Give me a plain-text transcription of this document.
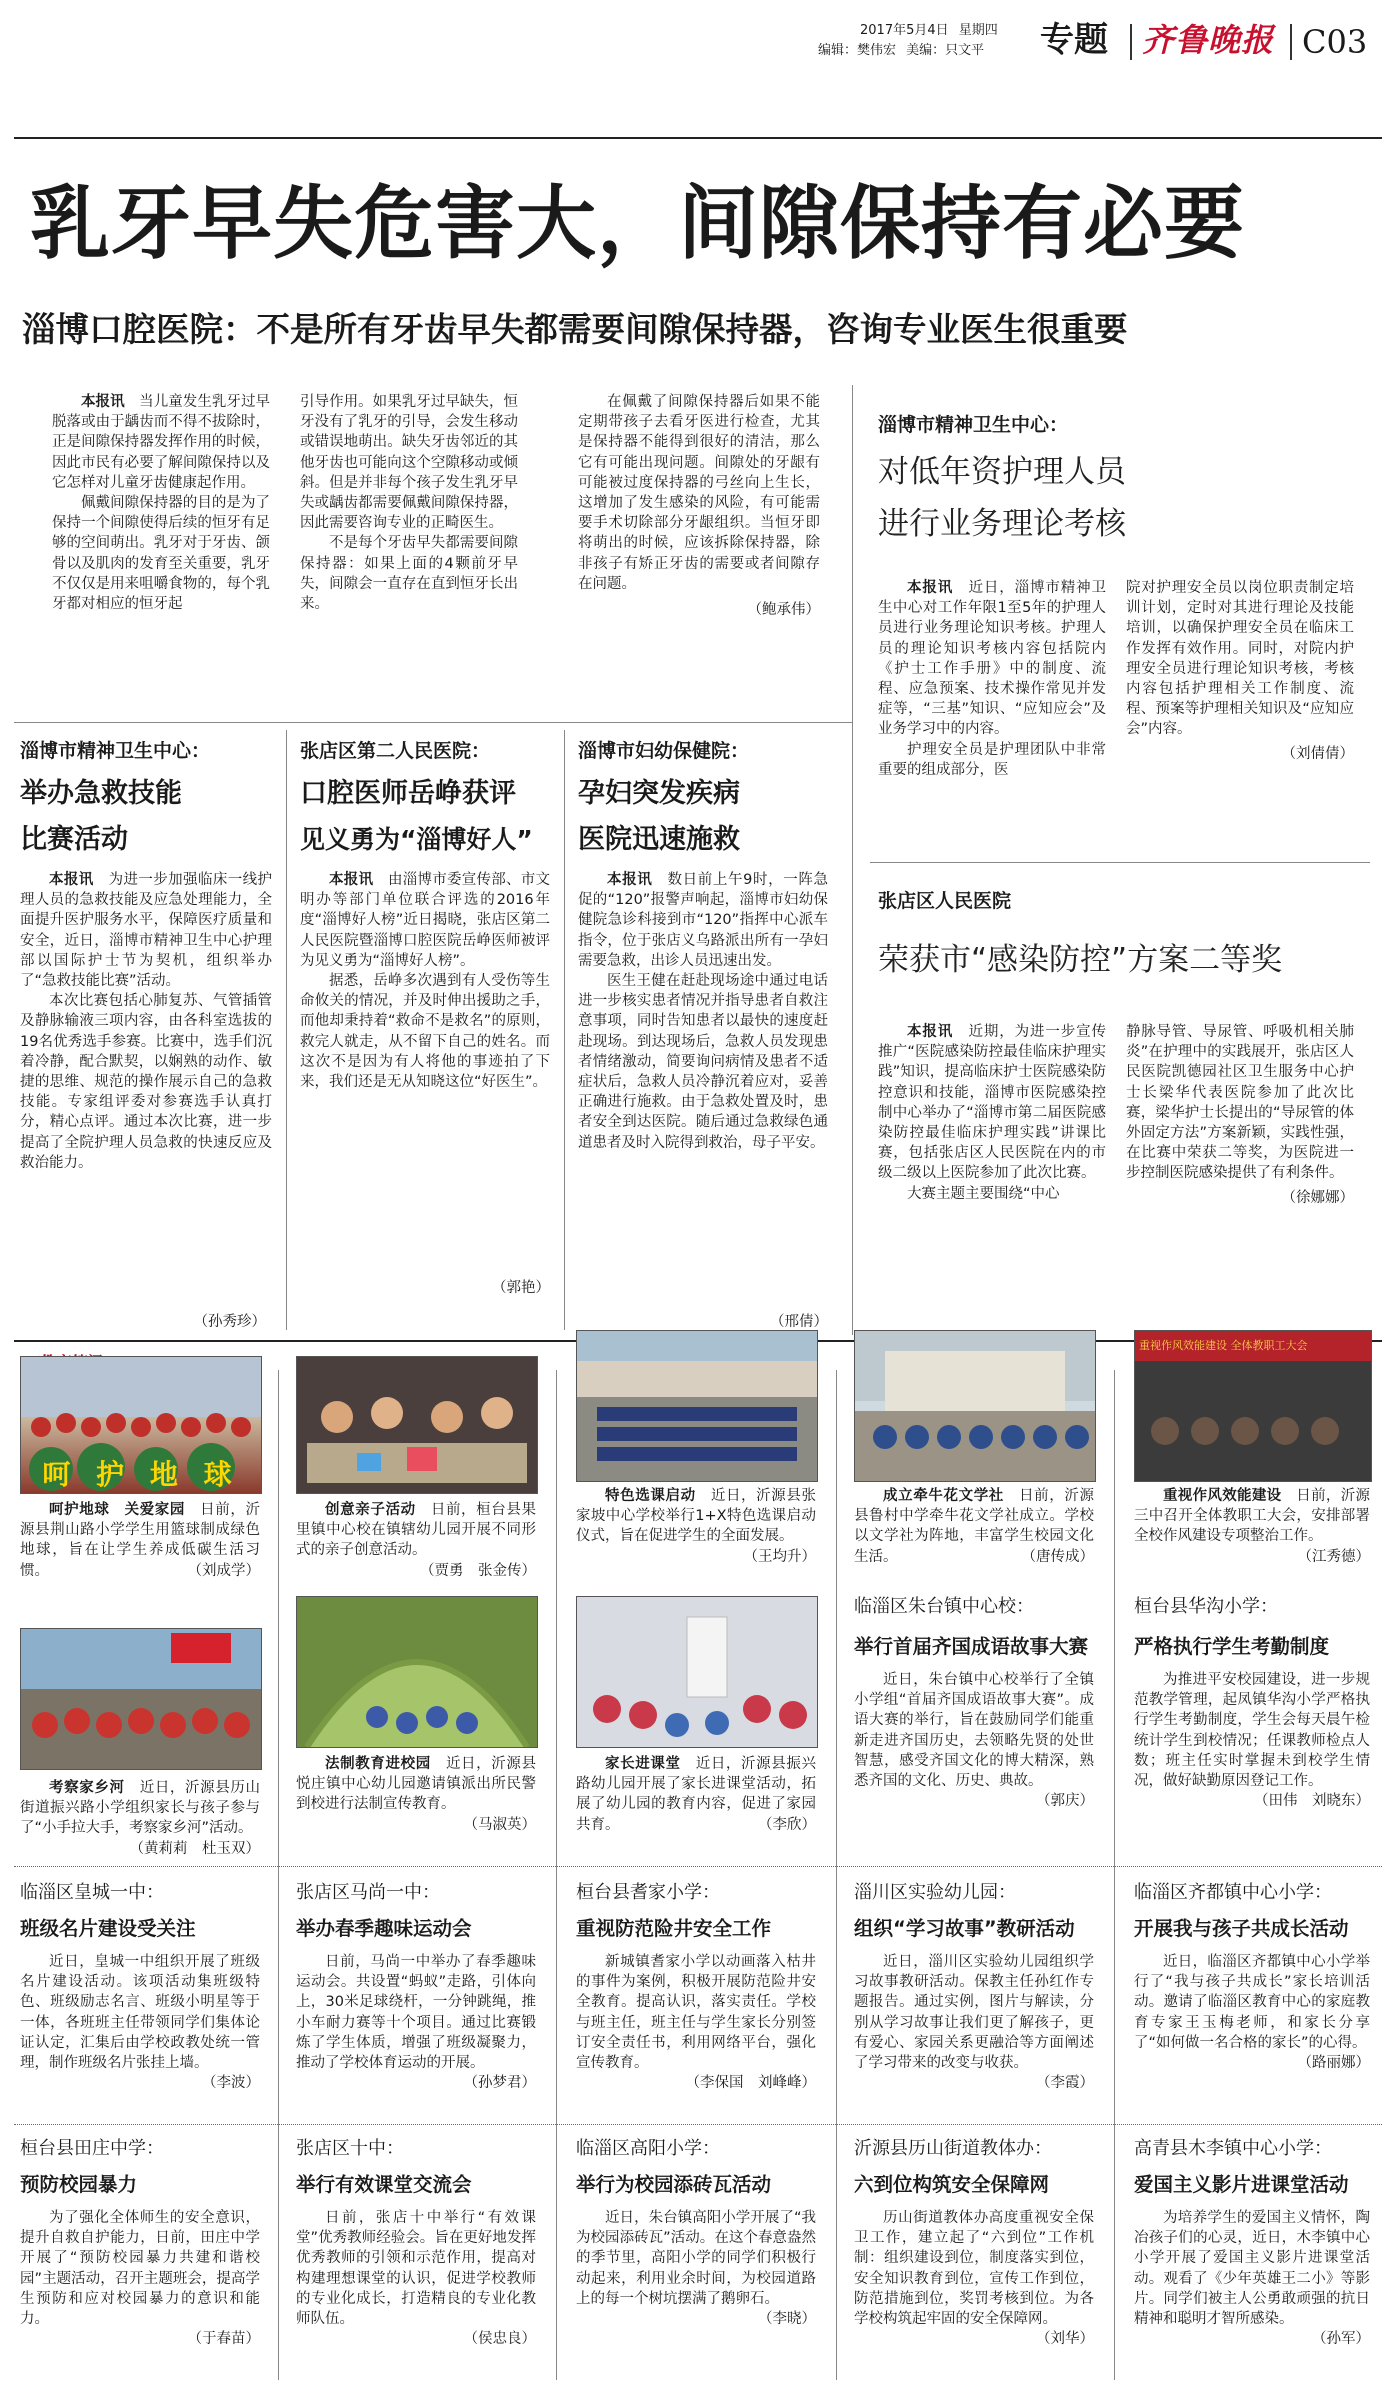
2017年5月4日 星期四
编辑：樊伟宏 美编：只文平 专题 齐鲁晚报 C03
乳牙早失危害大，间隙保持有必要
淄博口腔医院：不是所有牙齿早失都需要间隙保持器，咨询专业医生很重要

本报讯　 当儿童发生乳牙过早脱落或由于龋齿而不得不拔除时，正是间隙保持器发挥作用的时候，因此市民有必要了解间隙保持以及它怎样对儿童牙齿健康起作用。

佩戴间隙保持器的目的是为了保持一个间隙使得后续的恒牙有足够的空间萌出。乳牙对于牙齿、颌骨以及肌肉的发育至关重要，乳牙不仅仅是用来咀嚼食物的，每个乳牙都对相应的恒牙起

引导作用。如果乳牙过早缺失，恒牙没有了乳牙的引导，会发生移动或错误地萌出。缺失牙齿邻近的其他牙齿也可能向这个空隙移动或倾斜。但是并非每个孩子发生乳牙早失或龋齿都需要佩戴间隙保持器，因此需要咨询专业的正畸医生。

不是每个牙齿早失都需要间隙保持器：如果上面的4颗前牙早失，间隙会一直存在直到恒牙长出来。

在佩戴了间隙保持器后如果不能定期带孩子去看牙医进行检查，尤其是保持器不能得到很好的清洁，那么它有可能出现问题。间隙处的牙龈有可能被过度保持器的弓丝向上生长，这增加了发生感染的风险，有可能需要手术切除部分牙龈组织。当恒牙即将萌出的时候，应该拆除保持器，除非孩子有矫正牙齿的需要或者间隙存在问题。

（鲍承伟）
淄博市精神卫生中心：
对低年资护理人员
进行业务理论考核

本报讯　 近日，淄博市精神卫生中心对工作年限1至5年的护理人员进行业务理论知识考核。护理人员的理论知识考核内容包括院内《护士工作手册》中的制度、流程、应急预案、技术操作常见并发症等，“三基”知识、“应知应会”及业务学习中的内容。

护理安全员是护理团队中非常重要的组成部分，医

院对护理安全员以岗位职责制定培训计划，定时对其进行理论及技能培训，以确保护理安全员在临床工作发挥有效作用。同时，对院内护理安全员进行理论知识考核，考核内容包括护理相关工作制度、流程、预案等护理相关知识及“应知应会”内容。

（刘倩倩）
张店区人民医院
荣获市“感染防控”方案二等奖

本报讯　 近期，为进一步宣传推广“医院感染防控最佳临床护理实践”知识，提高临床护士医院感染防控意识和技能，淄博市医院感染控制中心举办了“淄博市第二届医院感染防控最佳临床护理实践”讲课比赛，包括张店区人民医院在内的市级二级以上医院参加了此次比赛。

大赛主题主要围绕“中心

静脉导管、导尿管、呼吸机相关肺炎”在护理中的实践展开，张店区人民医院凯德园社区卫生服务中心护士长梁华代表医院参加了此次比赛，梁华护士长提出的“导尿管的体外固定方法”方案新颖，实践性强，在比赛中荣获二等奖，为医院进一步控制医院感染提供了有利条件。

（徐娜娜）
淄博市精神卫生中心：
举办急救技能
比赛活动

本报讯　 为进一步加强临床一线护理人员的急救技能及应急处理能力，全面提升医护服务水平，保障医疗质量和安全，近日，淄博市精神卫生中心护理部以国际护士节为契机，组织举办了“急救技能比赛”活动。

本次比赛包括心肺复苏、气管插管及静脉输液三项内容，由各科室选拔的19名优秀选手参赛。比赛中，选手们沉着冷静，配合默契，以娴熟的动作、敏捷的思维、规范的操作展示自己的急救技能。专家组评委对参赛选手认真打分，精心点评。通过本次比赛，进一步提高了全院护理人员急救的快速反应及救治能力。

（孙秀珍）
张店区第二人民医院：
口腔医师岳峥获评
见义勇为“淄博好人”

本报讯　 由淄博市委宣传部、市文明办等部门单位联合评选的2016年度“淄博好人榜”近日揭晓，张店区第二人民医院暨淄博口腔医院岳峥医师被评为见义勇为“淄博好人榜”。

据悉，岳峥多次遇到有人受伤等生命攸关的情况，并及时伸出援助之手，而他却秉持着“救命不是救名”的原则，救完人就走，从不留下自己的姓名。而这次不是因为有人将他的事迹拍了下来，我们还是无从知晓这位“好医生”。

（郭艳）
淄博市妇幼保健院：
孕妇突发疾病
医院迅速施救

本报讯　 数日前上午9时，一阵急促的“120”报警声响起，淄博市妇幼保健院急诊科接到市“120”指挥中心派车指令，位于张店义乌路派出所有一孕妇需要急救，出诊人员迅速出发。

医生王健在赶赴现场途中通过电话进一步核实患者情况并指导患者自救注意事项，同时告知患者以最快的速度赶赴现场。到达现场后，急救人员发现患者情绪激动，简要询问病情及患者不适症状后，急救人员冷静沉着应对，妥善正确进行施救。由于急救处置及时，患者安全到达医院。随后通过急救绿色通道患者及时入院得到救治，母子平安。

（邢倩）
呵 护 地 球

呵护地球　关爱家园　 日前，沂源县荆山路小学学生用篮球制成绿色地球，旨在让学生养成低碳生活习惯。	（刘成学）

创意亲子活动　 日前，桓台县果里镇中心校在镇辖幼儿园开展不同形式的亲子创意活动。
（贾勇　张金传）

特色选课启动　 近日，沂源县张家坡中心学校举行1+X特色选课启动仪式，旨在促进学生的全面发展。
（王均升）

成立牵牛花文学社　 日前，沂源县鲁村中学牵牛花文学社成立。学校以文学社为阵地，丰富学生校园文化生活。	（唐传成）

重视作风效能建设 全体教职工大会

重视作风效能建设　 日前，沂源三中召开全体教职工大会，安排部署全校作风建设专项整治工作。
（江秀德）

考察家乡河　 近日，沂源县历山街道振兴路小学组织家长与孩子参与了“小手拉大手，考察家乡河”活动。
（黄莉莉　杜玉双）

法制教育进校园　 近日，沂源县悦庄镇中心幼儿园邀请镇派出所民警到校进行法制宣传教育。
（马淑英）

家长进课堂　 近日，沂源县振兴路幼儿园开展了家长进课堂活动，拓展了幼儿园的教育内容，促进了家园共育。	（李欣）

临淄区朱台镇中心校：
举行首届齐国成语故事大赛

近日，朱台镇中心校举行了全镇小学组“首届齐国成语故事大赛”。成语大赛的举行，旨在鼓励同学们能重新走进齐国历史，去领略先贤的处世智慧，感受齐国文化的博大精深，熟悉齐国的文化、历史、典故。

（郭庆）
桓台县华沟小学：
严格执行学生考勤制度

为推进平安校园建设，进一步规范教学管理，起凤镇华沟小学严格执行学生考勤制度，学生会每天晨午检统计学生到校情况；任课教师检点人数；班主任实时掌握未到校学生情况，做好缺勤原因登记工作。

（田伟　刘晓东）
临淄区皇城一中：
班级名片建设受关注

近日，皇城一中组织开展了班级名片建设活动。该项活动集班级特色、班级励志名言、班级小明星等于一体，各班班主任带领同学们集体论证认定，汇集后由学校政教处统一管理，制作班级名片张挂上墙。

（李波）
张店区马尚一中：
举办春季趣味运动会

日前，马尚一中举办了春季趣味运动会。共设置“蚂蚁”走路，引体向上，30米足球绕杆，一分钟跳绳，推小车耐力赛等十个项目。通过比赛锻炼了学生体质，增强了班级凝聚力，推动了学校体育运动的开展。

（孙梦君）
桓台县耆家小学：
重视防范险井安全工作

新城镇耆家小学以动画落入枯井的事件为案例，积极开展防范险井安全教育。提高认识，落实责任。学校与班主任，班主任与学生家长分别签订安全责任书，利用网络平台，强化宣传教育。

（李保国　刘峰峰）
淄川区实验幼儿园：
组织“学习故事”教研活动

近日，淄川区实验幼儿园组织学习故事教研活动。保教主任孙红作专题报告。通过实例，图片与解读，分别从学习故事让我们更了解孩子，更有爱心、家园关系更融洽等方面阐述了学习带来的改变与收获。

（李霞）
临淄区齐都镇中心小学：
开展我与孩子共成长活动

近日，临淄区齐都镇中心小学举行了“我与孩子共成长”家长培训活动。邀请了临淄区教育中心的家庭教育专家王玉梅老师，和家长分享了“如何做一名合格的家长”的心得。

（路丽娜）
桓台县田庄中学：
预防校园暴力

为了强化全体师生的安全意识，提升自救自护能力，日前，田庄中学开展了“预防校园暴力共建和谐校园”主题活动，召开主题班会，提高学生预防和应对校园暴力的意识和能力。

（于春苗）
张店区十中：
举行有效课堂交流会

日前，张店十中举行“有效课堂”优秀教师经验会。旨在更好地发挥优秀教师的引领和示范作用，提高对构建理想课堂的认识，促进学校教师的专业化成长，打造精良的专业化教师队伍。

（侯忠良）
临淄区高阳小学：
举行为校园添砖瓦活动

近日，朱台镇高阳小学开展了“我为校园添砖瓦”活动。在这个春意盎然的季节里，高阳小学的同学们积极行动起来，利用业余时间，为校园道路上的每一个树坑摆满了鹅卵石。

（李晓）
沂源县历山街道教体办：
六到位构筑安全保障网

历山街道教体办高度重视安全保卫工作，建立起了“六到位”工作机制：组织建设到位，制度落实到位，安全知识教育到位，宣传工作到位，防范措施到位，奖罚考核到位。为各学校构筑起牢固的安全保障网。

（刘华）
高青县木李镇中心小学：
爱国主义影片进课堂活动

为培养学生的爱国主义情怀，陶冶孩子们的心灵，近日，木李镇中心小学开展了爱国主义影片进课堂活动。观看了《少年英雄王二小》等影片。同学们被主人公勇敢顽强的抗日精神和聪明才智所感染。

（孙军）
